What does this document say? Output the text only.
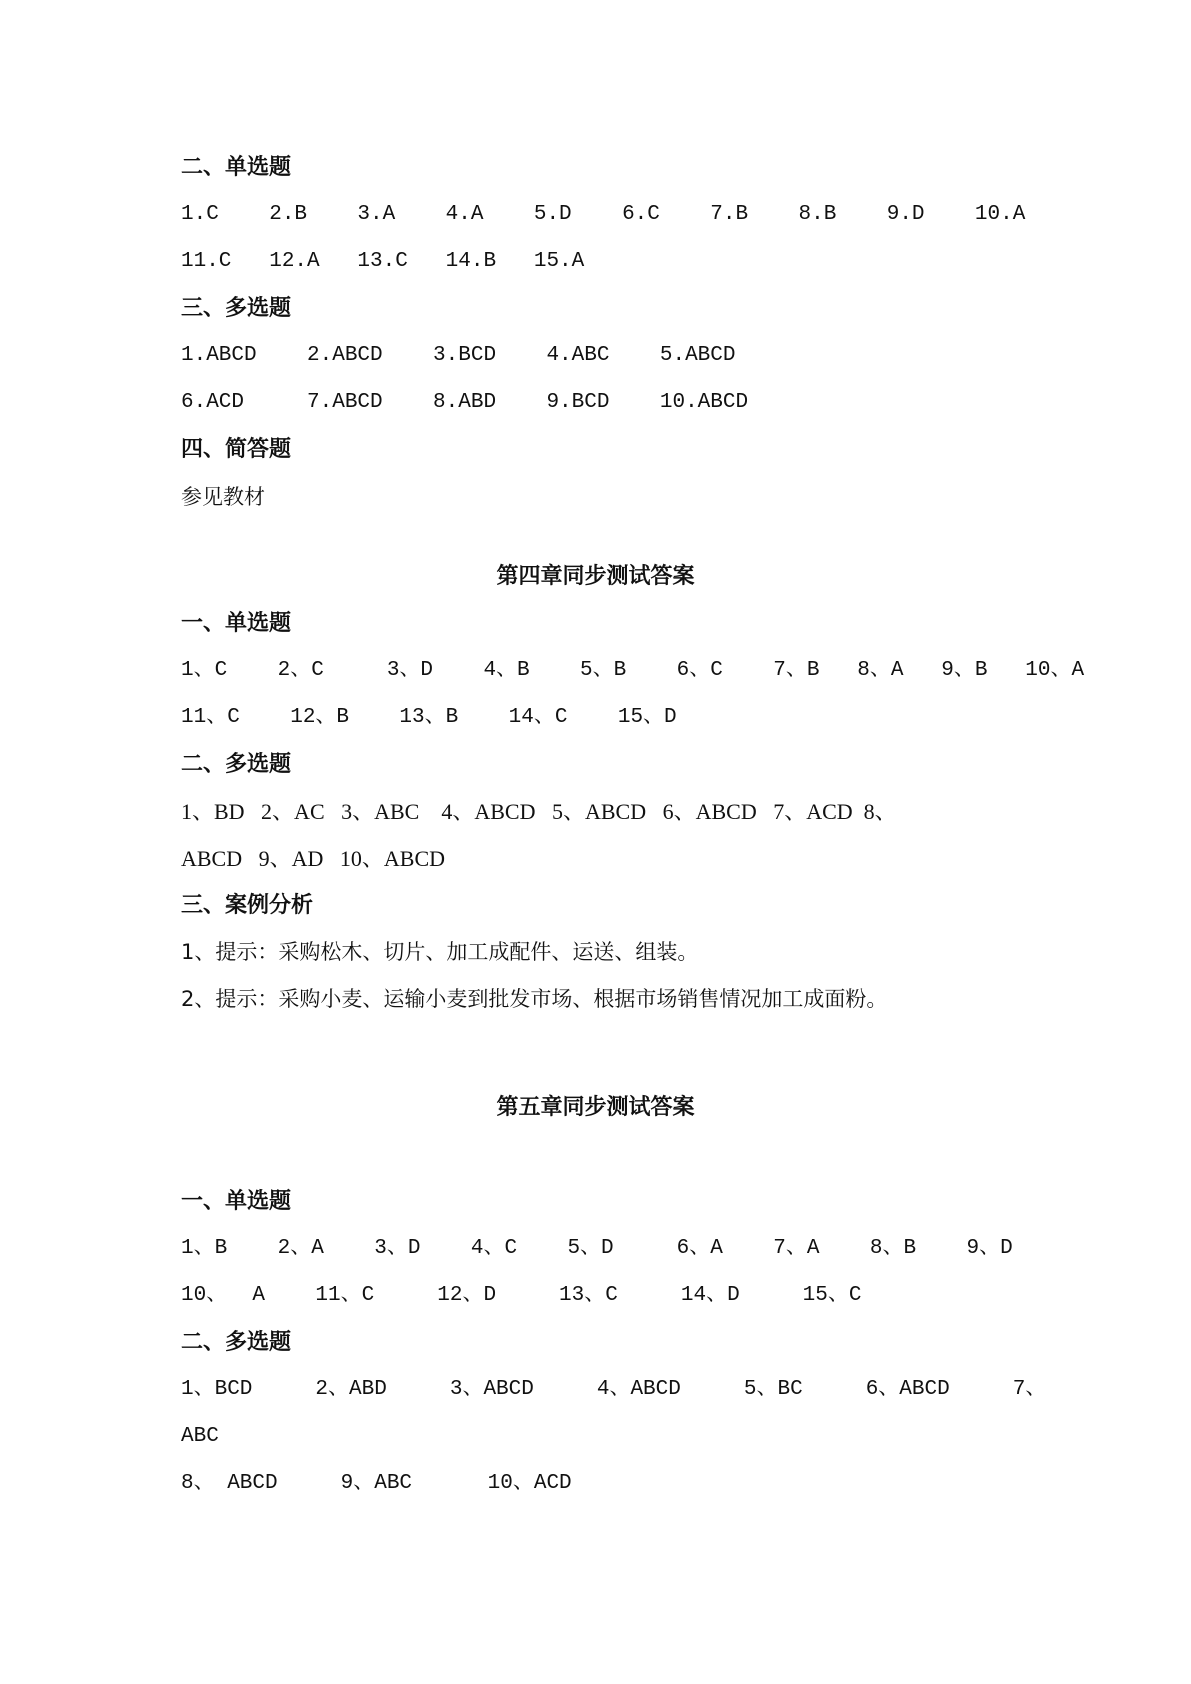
二、单选题
1.C    2.B    3.A    4.A    5.D    6.C    7.B    8.B    9.D    10.A
11.C   12.A   13.C   14.B   15.A
三、多选题
1.ABCD    2.ABCD    3.BCD    4.ABC    5.ABCD
6.ACD     7.ABCD    8.ABD    9.BCD    10.ABCD
四、简答题
参见教材
第四章同步测试答案
一、单选题
1、C    2、C     3、D    4、B    5、B    6、C    7、B   8、A   9、B   10、A
11、C    12、B    13、B    14、C    15、D
二、多选题
1、BD   2、AC   3、ABC    4、ABCD   5、ABCD   6、ABCD   7、ACD  8、
ABCD   9、AD   10、ABCD
三、案例分析
1、提示：采购松木、切片、加工成配件、运送、组装。
2、提示：采购小麦、运输小麦到批发市场、根据市场销售情况加工成面粉。
第五章同步测试答案
一、单选题
1、B    2、A    3、D    4、C    5、D     6、A    7、A    8、B    9、D
10、  A    11、C     12、D     13、C     14、D     15、C
二、多选题
1、BCD     2、ABD     3、ABCD     4、ABCD     5、BC     6、ABCD     7、
ABC
8、 ABCD     9、ABC      10、ACD
